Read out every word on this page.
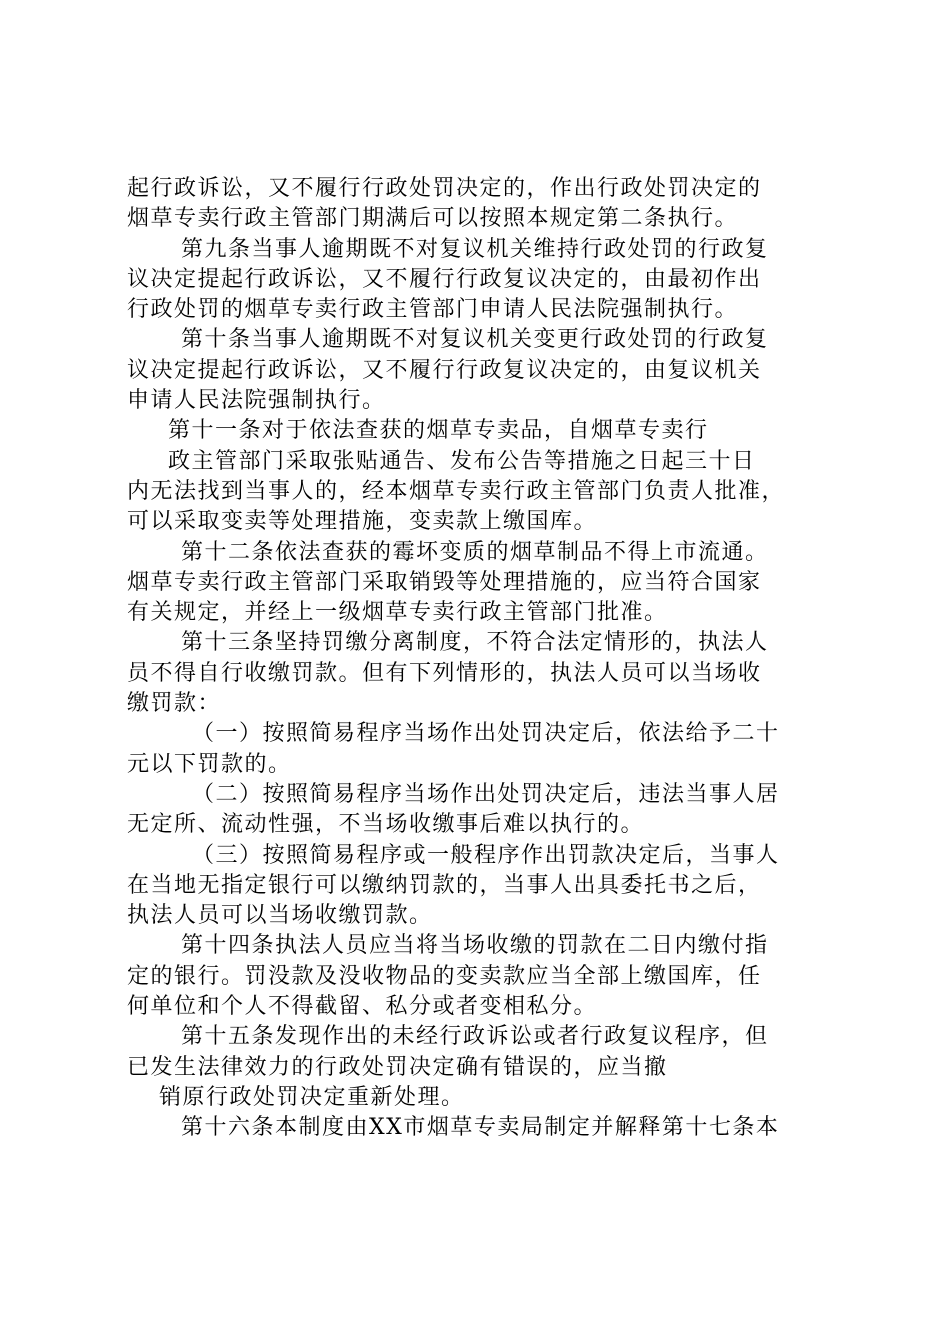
起行政诉讼，又不履行行政处罚决定的，作出行政处罚决定的
烟草专卖行政主管部门期满后可以按照本规定第二条执行。
第九条当事人逾期既不对复议机关维持行政处罚的行政复
议决定提起行政诉讼，又不履行行政复议决定的，由最初作出
行政处罚的烟草专卖行政主管部门申请人民法院强制执行。
第十条当事人逾期既不对复议机关变更行政处罚的行政复
议决定提起行政诉讼，又不履行行政复议决定的，由复议机关
申请人民法院强制执行。
第十一条对于依法查获的烟草专卖品，自烟草专卖行
政主管部门采取张贴通告、发布公告等措施之日起三十日
内无法找到当事人的，经本烟草专卖行政主管部门负责人批准，
可以采取变卖等处理措施，变卖款上缴国库。
第十二条依法查获的霉坏变质的烟草制品不得上市流通。
烟草专卖行政主管部门采取销毁等处理措施的，应当符合国家
有关规定，并经上一级烟草专卖行政主管部门批准。
第十三条坚持罚缴分离制度，不符合法定情形的，执法人
员不得自行收缴罚款。但有下列情形的，执法人员可以当场收
缴罚款：
（一）按照简易程序当场作出处罚决定后，依法给予二十
元以下罚款的。
（二）按照简易程序当场作出处罚决定后，违法当事人居
无定所、流动性强，不当场收缴事后难以执行的。
（三）按照简易程序或一般程序作出罚款决定后，当事人
在当地无指定银行可以缴纳罚款的，当事人出具委托书之后，
执法人员可以当场收缴罚款。
第十四条执法人员应当将当场收缴的罚款在二日内缴付指
定的银行。罚没款及没收物品的变卖款应当全部上缴国库，任
何单位和个人不得截留、私分或者变相私分。
第十五条发现作出的未经行政诉讼或者行政复议程序，但
已发生法律效力的行政处罚决定确有错误的，应当撤
销原行政处罚决定重新处理。
第十六条本制度由XX市烟草专卖局制定并解释第十七条本
